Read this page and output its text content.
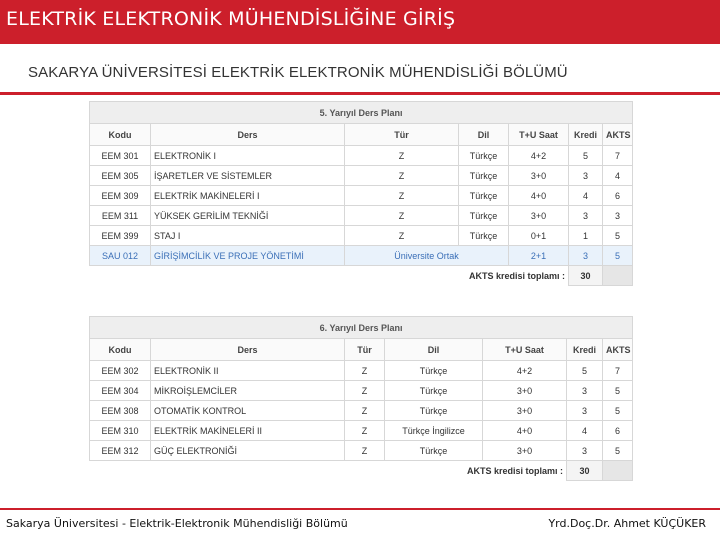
ELEKTRİK ELEKTRONİK MÜHENDİSLİĞİNE GİRİŞ
SAKARYA ÜNİVERSİTESİ ELEKTRİK ELEKTRONİK MÜHENDİSLİĞİ BÖLÜMÜ
5. Yarıyıl Ders Planı						
Kodu	Ders	Tür	Dil	T+U Saat	Kredi	AKTS
EEM 301	ELEKTRONİK I	Z	Türkçe	4+2	5	7
EEM 305	İŞARETLER VE SİSTEMLER	Z	Türkçe	3+0	3	4
EEM 309	ELEKTRİK MAKİNELERİ I	Z	Türkçe	4+0	4	6
EEM 311	YÜKSEK GERİLİM TEKNİĞİ	Z	Türkçe	3+0	3	3
EEM 399	STAJ I	Z	Türkçe	0+1	1	5
SAU 012	GİRİŞİMCİLİK VE PROJE YÖNETİMİ	Üniversite Ortak		2+1	3	5
AKTS kredisi toplamı :					30	
6. Yarıyıl Ders Planı						
Kodu	Ders	Tür	Dil	T+U Saat	Kredi	AKTS
EEM 302	ELEKTRONİK II	Z	Türkçe	4+2	5	7
EEM 304	MİKROİŞLEMCİLER	Z	Türkçe	3+0	3	5
EEM 308	OTOMATİK KONTROL	Z	Türkçe	3+0	3	5
EEM 310	ELEKTRİK MAKİNELERİ II	Z	Türkçe İngilizce	4+0	4	6
EEM 312	GÜÇ ELEKTRONİĞİ	Z	Türkçe	3+0	3	5
AKTS kredisi toplamı :					30	
Sakarya Üniversitesi - Elektrik-Elektronik Mühendisliği Bölümü	Yrd.Doç.Dr. Ahmet KÜÇÜKER
